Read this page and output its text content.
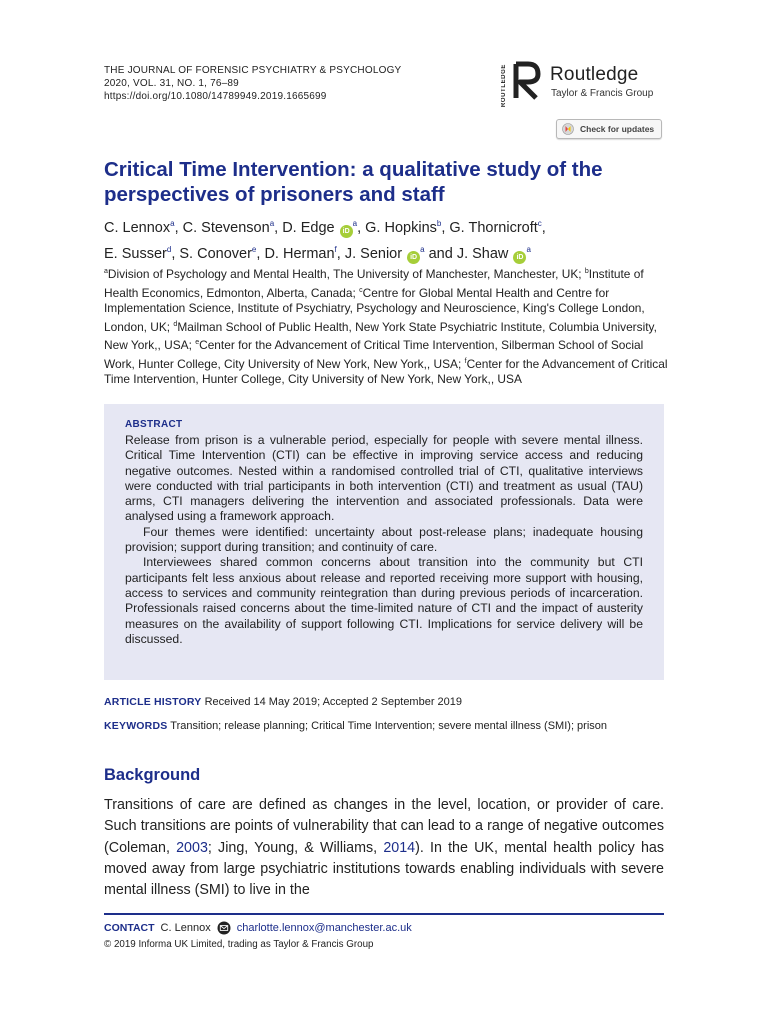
THE JOURNAL OF FORENSIC PSYCHIATRY & PSYCHOLOGY
2020, VOL. 31, NO. 1, 76–89
https://doi.org/10.1080/14789949.2019.1665699	ROUTLEDGE Routledge
Taylor & Francis Group
Check for updates
Critical Time Intervention: a qualitative study of the perspectives of prisoners and staff
C. Lennox$^a$, C. Stevenson$^a$, D. Edge $iD^a$, G. Hopkins$^b$, G. Thornicroft$^c$,
E. Susser$^d$, S. Conover$^e$, D. Herman$^f$, J. Senior $iD^a$ and J. Shaw $iD^a$
$^a$Division of Psychology and Mental Health, The University of Manchester, Manchester, UK; $^b$Institute of Health Economics, Edmonton, Alberta, Canada; $^c$Centre for Global Mental Health and Centre for Implementation Science, Institute of Psychiatry, Psychology and Neuroscience, King's College London, London, UK; $^d$Mailman School of Public Health, New York State Psychiatric Institute, Columbia University, New York,, USA; $^e$Center for the Advancement of Critical Time Intervention, Silberman School of Social Work, Hunter College, City University of New York, New York,, USA; $^f$Center for the Advancement of Critical Time Intervention, Hunter College, City University of New York, New York,, USA
ABSTRACT

Release from prison is a vulnerable period, especially for people with severe mental illness. Critical Time Intervention (CTI) can be effective in improving service access and reducing negative outcomes. Nested within a randomised controlled trial of CTI, qualitative interviews were conducted with trial participants in both intervention (CTI) and treatment as usual (TAU) arms, CTI managers delivering the intervention and associated professionals. Data were analysed using a framework approach.

Four themes were identified: uncertainty about post-release plans; inadequate housing provision; support during transition; and continuity of care.

Interviewees shared common concerns about transition into the community but CTI participants felt less anxious about release and reported receiving more support with housing, access to services and community reintegration than during previous periods of incarceration. Professionals raised concerns about the time-limited nature of CTI and the impact of austerity measures on the availability of support following CTI. Implications for service delivery will be discussed.

ARTICLE HISTORY Received 14 May 2019; Accepted 2 September 2019
KEYWORDS Transition; release planning; Critical Time Intervention; severe mental illness (SMI); prison
Background
Transitions of care are defined as changes in the level, location, or provider of care. Such transitions are points of vulnerability that can lead to a range of negative outcomes (Coleman, 2003; Jing, Young, & Williams, 2014). In the UK, mental health policy has moved away from large psychiatric institutions towards enabling individuals with severe mental illness (SMI) to live in the
CONTACT C. Lennox charlotte.lennox@manchester.ac.uk
© 2019 Informa UK Limited, trading as Taylor & Francis Group
